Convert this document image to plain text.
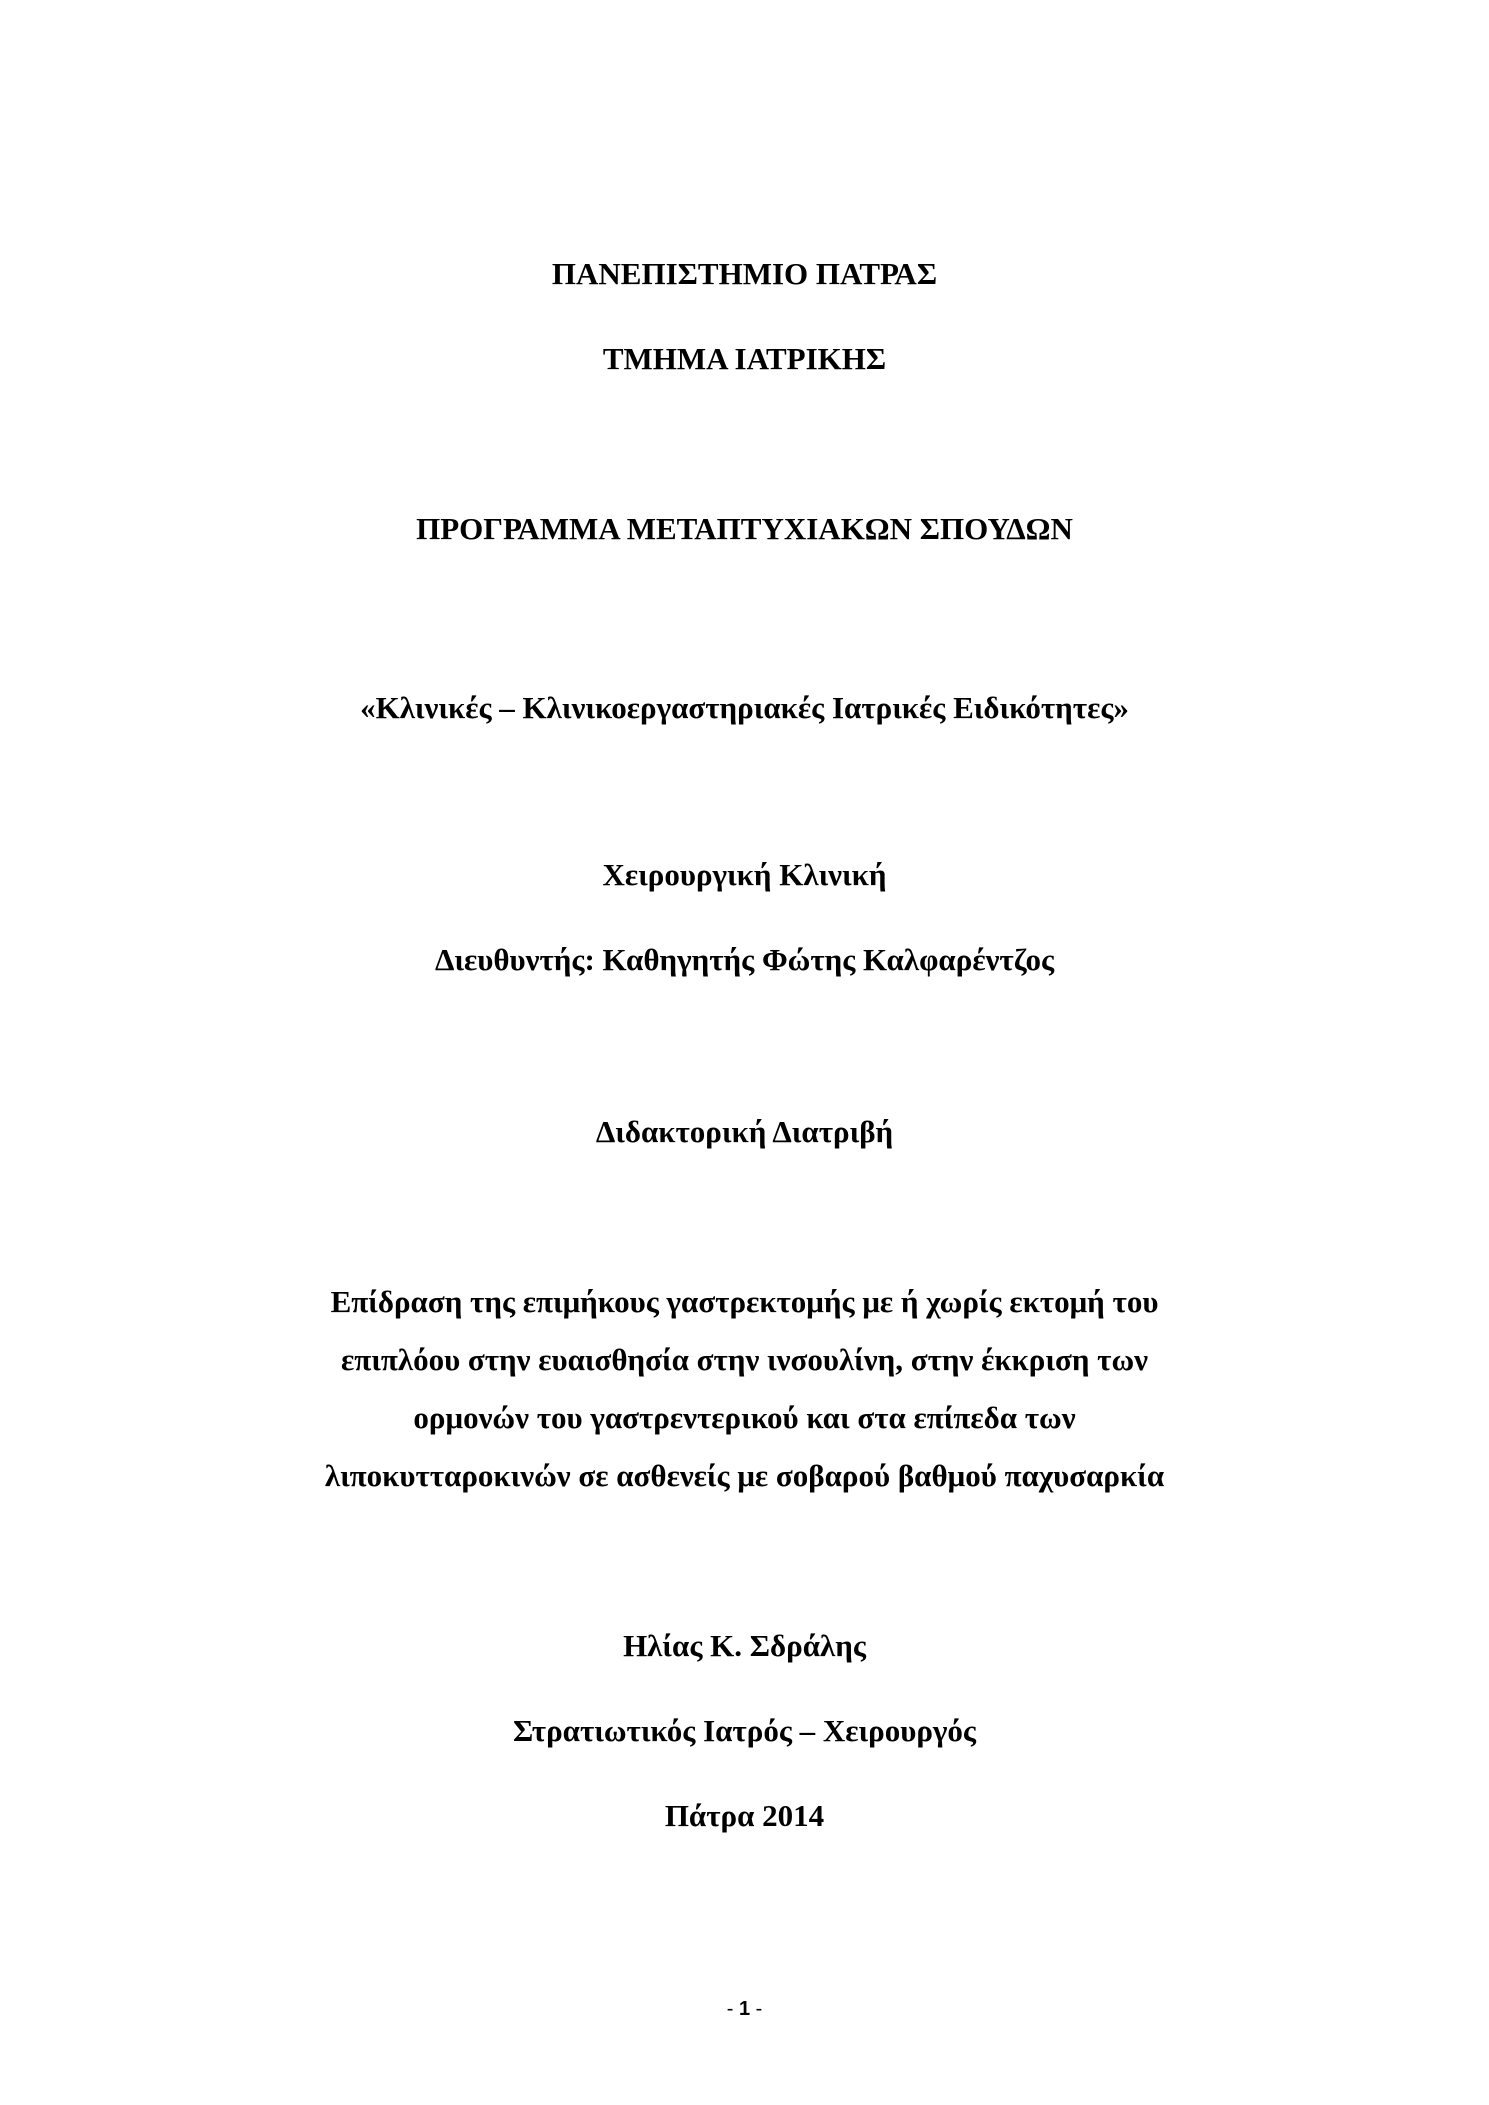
ΠΑΝΕΠΙΣΤΗΜΙΟ ΠΑΤΡΑΣ
ΤΜΗΜΑ ΙΑΤΡΙΚΗΣ
ΠΡΟΓΡΑΜΜΑ ΜΕΤΑΠΤΥΧΙΑΚΩΝ ΣΠΟΥΔΩΝ
«Κλινικές – Κλινικοεργαστηριακές Ιατρικές Ειδικότητες»
Χειρουργική Κλινική
Διευθυντής: Καθηγητής Φώτης Καλφαρέντζος
Διδακτορική Διατριβή
Επίδραση της επιμήκους γαστρεκτομής με ή χωρίς εκτομή του
επιπλόου στην ευαισθησία στην ινσουλίνη, στην έκκριση των
ορμονών του γαστρεντερικού και στα επίπεδα των
λιποκυτταροκινών σε ασθενείς με σοβαρού βαθμού παχυσαρκία
Ηλίας Κ. Σδράλης
Στρατιωτικός Ιατρός – Χειρουργός
Πάτρα 2014
- 1 -
